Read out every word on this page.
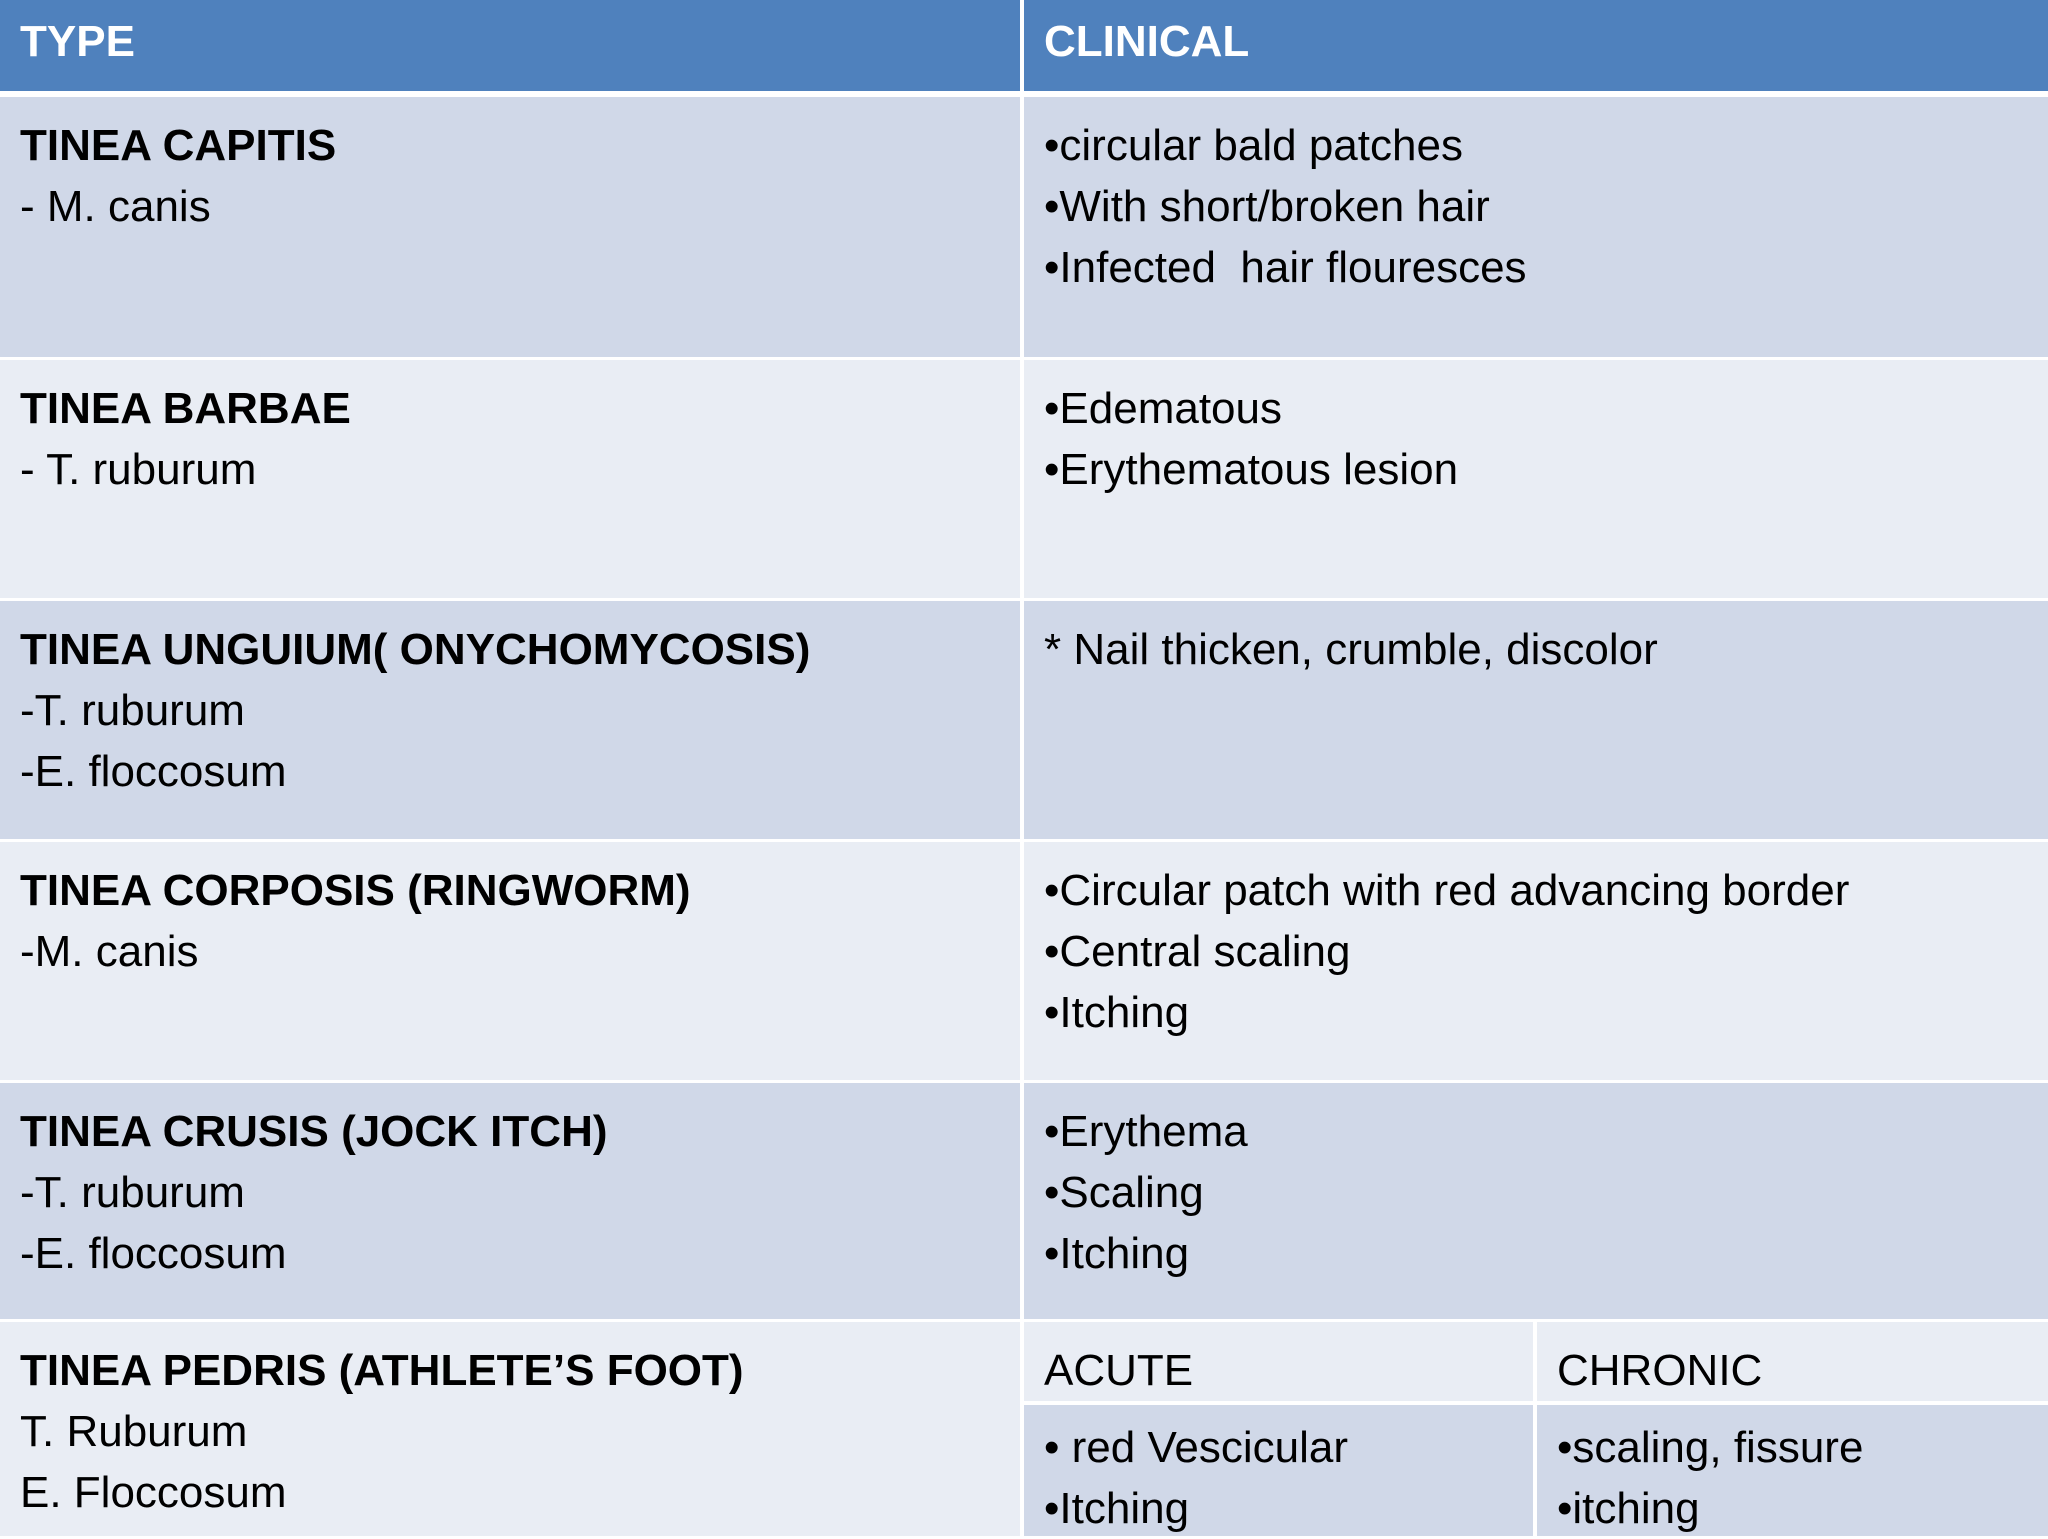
TYPE	CLINICAL
TINEA CAPITIS
- M. canis
•circular bald patches
•With short/broken hair
•Infected  hair flouresces
TINEA BARBAE
- T. ruburum
•Edematous
•Erythematous lesion
TINEA UNGUIUM( ONYCHOMYCOSIS)
-T. ruburum
-E. floccosum
* Nail thicken, crumble, discolor
TINEA CORPOSIS (RINGWORM)
-M. canis
•Circular patch with red advancing border
•Central scaling
•Itching
TINEA CRUSIS (JOCK ITCH)
-T. ruburum
-E. floccosum
•Erythema
•Scaling
•Itching
TINEA PEDRIS (ATHLETE’S FOOT)
T. Ruburum
E. Floccosum
ACUTE	CHRONIC
• red Vescicular
•Itching
•scaling, fissure
•itching
